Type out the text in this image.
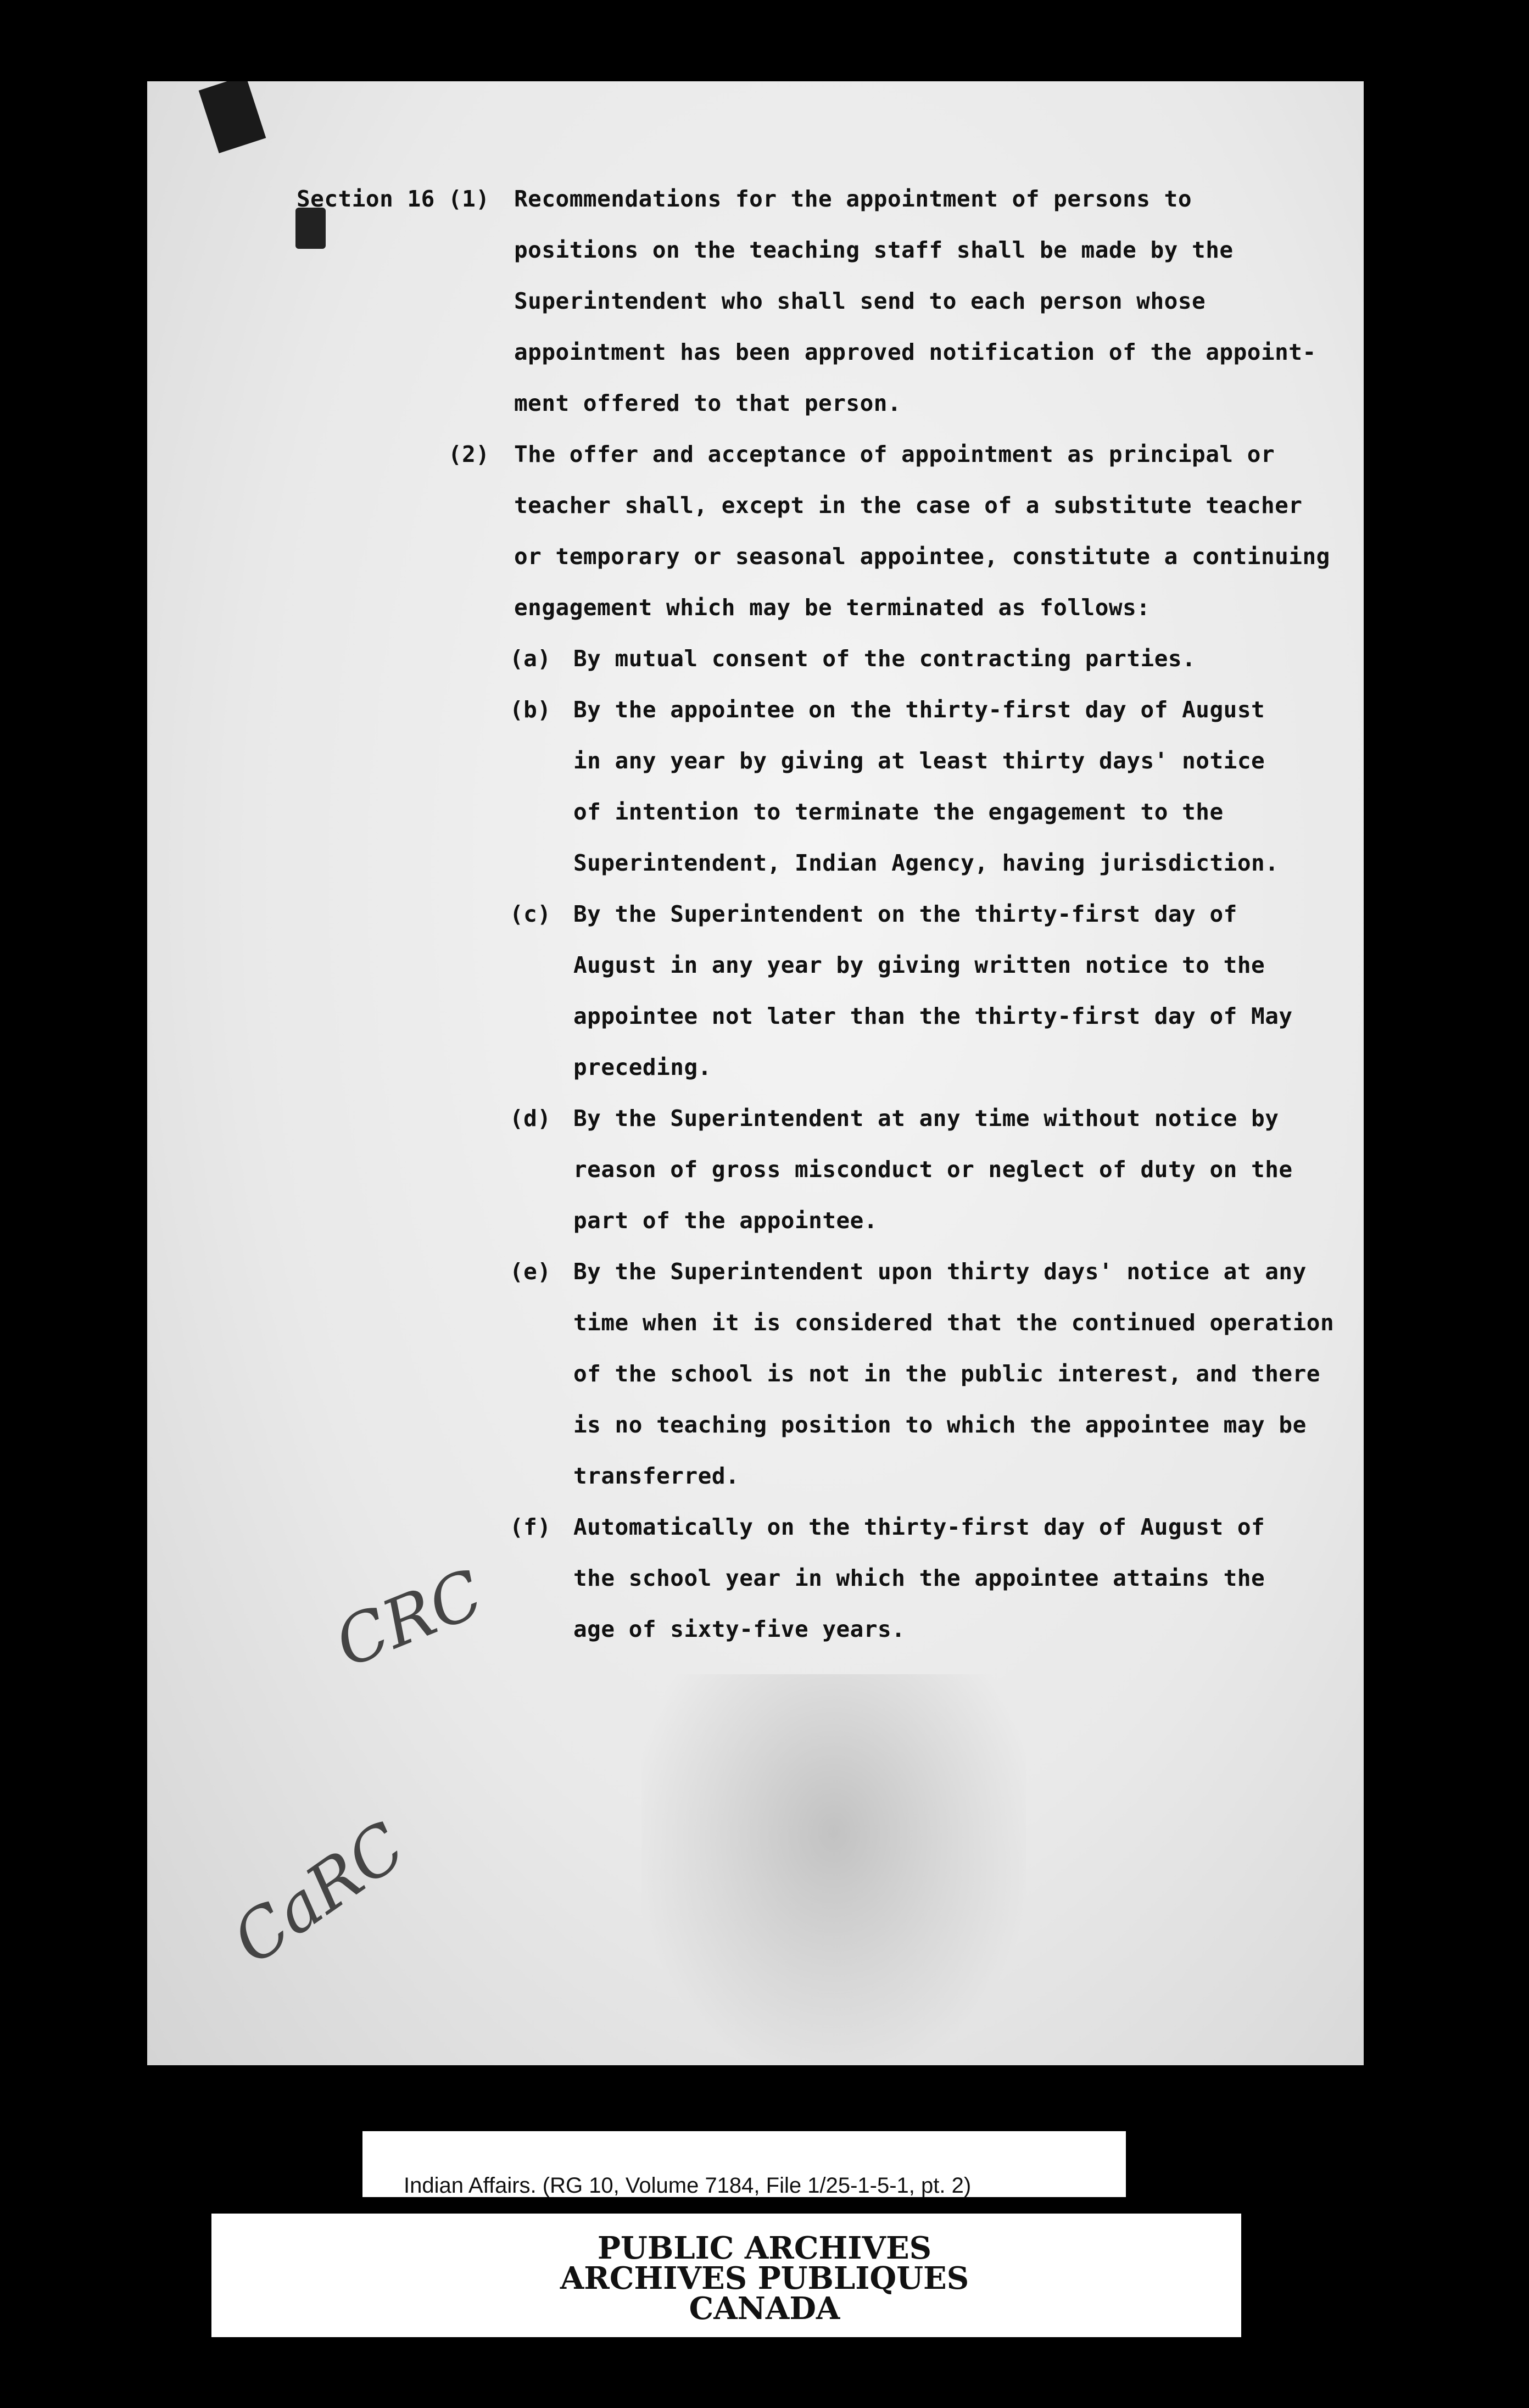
Section 16 (1) Recommendations for the appointment of persons to

positions on the teaching staff shall be made by the

Superintendent who shall send to each person whose

appointment has been approved notification of the appoint-

ment offered to that person.

(2) The offer and acceptance of appointment as principal or

teacher shall, except in the case of a substitute teacher

or temporary or seasonal appointee, constitute a continuing

engagement which may be terminated as follows:

(a) By mutual consent of the contracting parties.

(b) By the appointee on the thirty-first day of August

in any year by giving at least thirty days' notice

of intention to terminate the engagement to the

Superintendent, Indian Agency, having jurisdiction.

(c) By the Superintendent on the thirty-first day of

August in any year by giving written notice to the

appointee not later than the thirty-first day of May

preceding.

(d) By the Superintendent at any time without notice by

reason of gross misconduct or neglect of duty on the

part of the appointee.

(e) By the Superintendent upon thirty days' notice at any

time when it is considered that the continued operation

of the school is not in the public interest, and there

is no teaching position to which the appointee may be

transferred.

(f) Automatically on the thirty-first day of August of

the school year in which the appointee attains the

age of sixty-five years.

CRC
CaRC
Indian Affairs. (RG 10, Volume 7184, File 1/25-1-5-1, pt. 2)

PUBLIC ARCHIVES

ARCHIVES PUBLIQUES

CANADA
